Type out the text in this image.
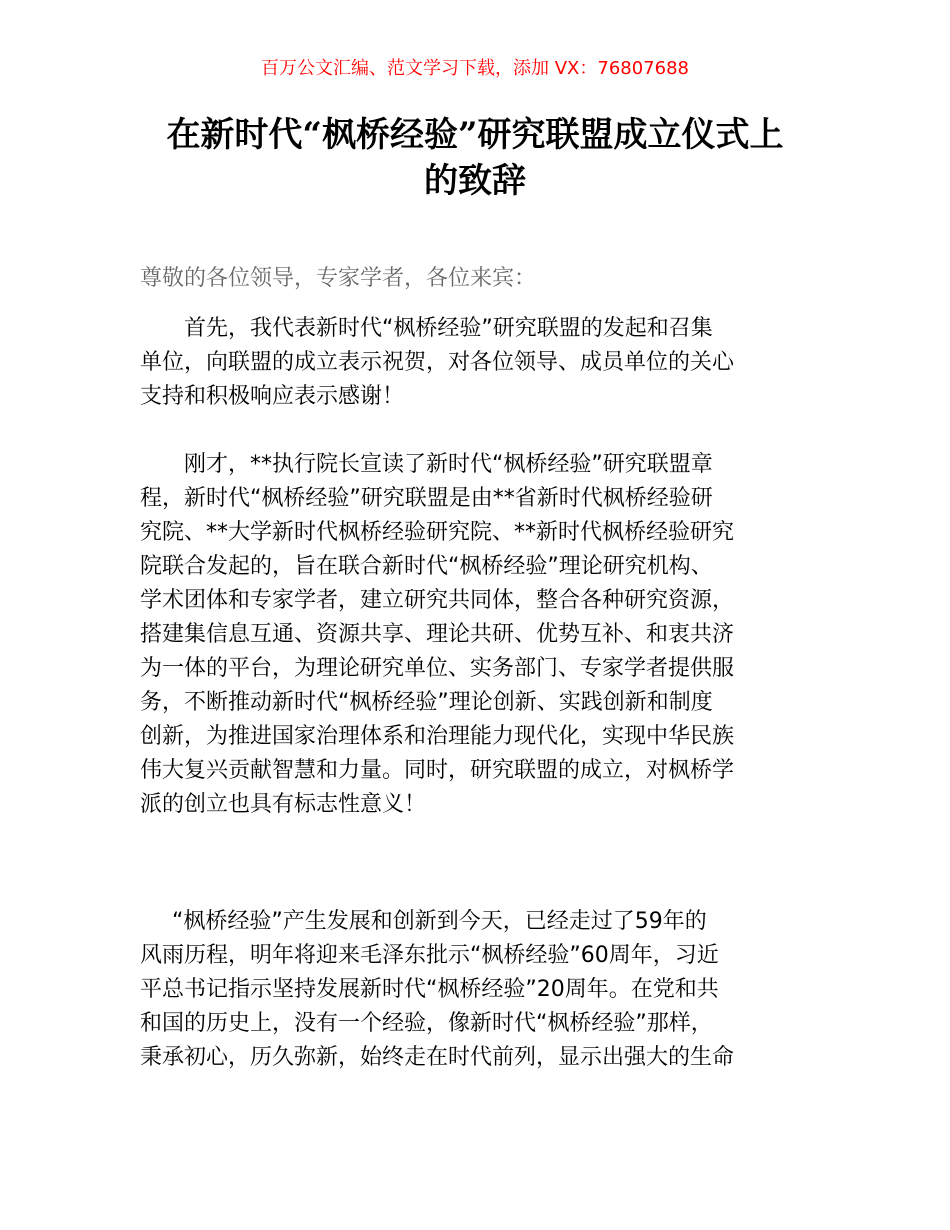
百万公文汇编、范文学习下载，添加 VX：76807688
在新时代“枫桥经验”研究联盟成立仪式上
的致辞
尊敬的各位领导，专家学者，各位来宾：
首先，我代表新时代“枫桥经验”研究联盟的发起和召集
单位，向联盟的成立表示祝贺，对各位领导、成员单位的关心
支持和积极响应表示感谢！
刚才，**执行院长宣读了新时代“枫桥经验”研究联盟章
程，新时代“枫桥经验”研究联盟是由**省新时代枫桥经验研
究院、**大学新时代枫桥经验研究院、**新时代枫桥经验研究
院联合发起的，旨在联合新时代“枫桥经验”理论研究机构、
学术团体和专家学者，建立研究共同体，整合各种研究资源，
搭建集信息互通、资源共享、理论共研、优势互补、和衷共济
为一体的平台，为理论研究单位、实务部门、专家学者提供服
务，不断推动新时代“枫桥经验”理论创新、实践创新和制度
创新，为推进国家治理体系和治理能力现代化，实现中华民族
伟大复兴贡献智慧和力量。同时，研究联盟的成立，对枫桥学
派的创立也具有标志性意义！
“枫桥经验”产生发展和创新到今天，已经走过了59年的
风雨历程，明年将迎来毛泽东批示“枫桥经验”60周年，习近
平总书记指示坚持发展新时代“枫桥经验”20周年。在党和共
和国的历史上，没有一个经验，像新时代“枫桥经验”那样，
秉承初心，历久弥新，始终走在时代前列，显示出强大的生命
